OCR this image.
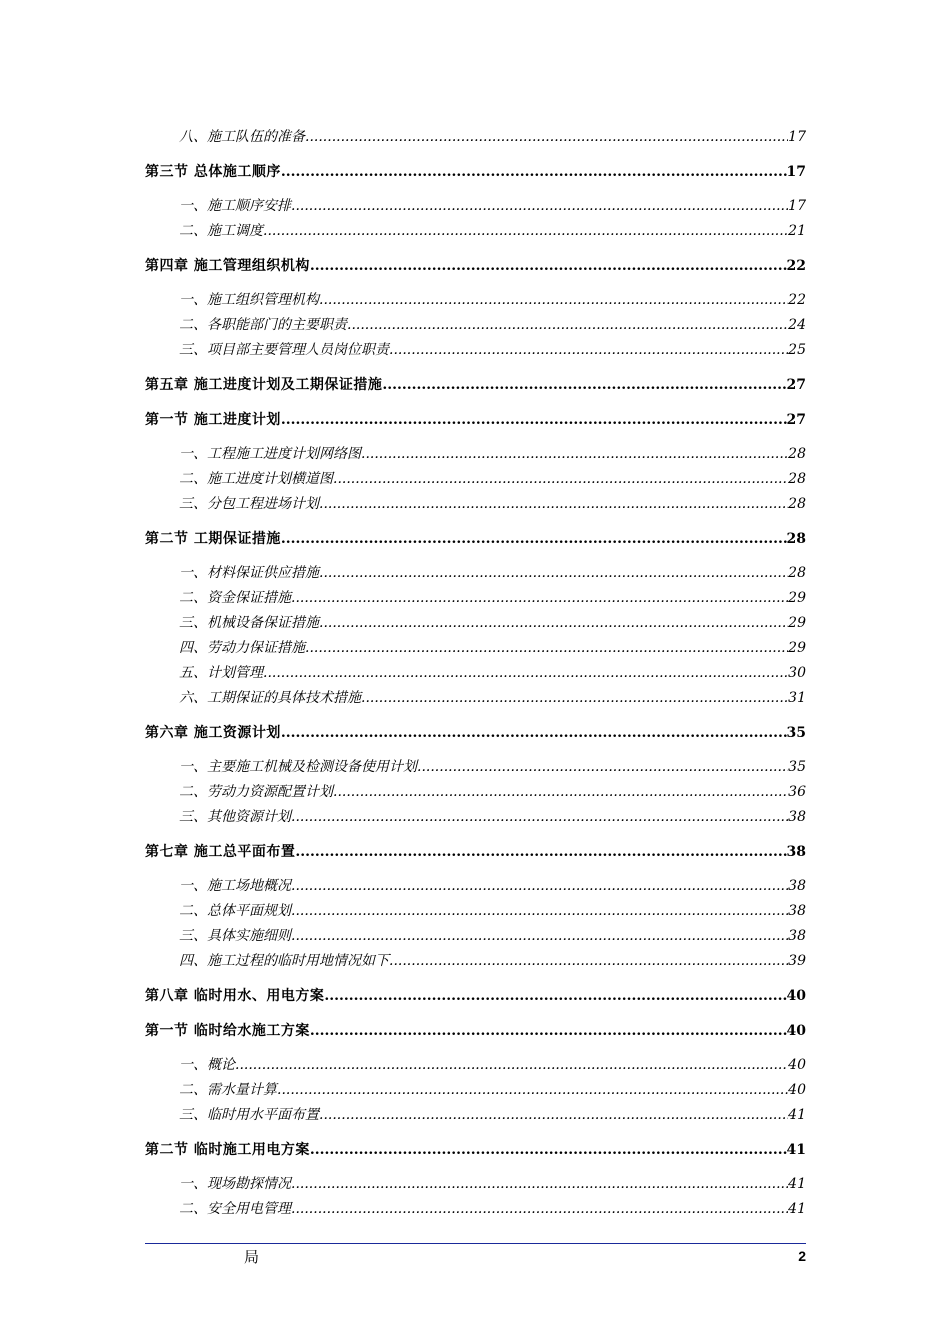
八、施工队伍的准备 .....	17
第三节 总体施工顺序 .....	17
一、施工顺序安排 .....	17
二、施工调度 .....	21
第四章 施工管理组织机构 .....	22
一、施工组织管理机构 .....	22
二、各职能部门的主要职责 .....	24
三、项目部主要管理人员岗位职责 .....	25
第五章 施工进度计划及工期保证措施 .....	27
第一节 施工进度计划 .....	27
一、工程施工进度计划网络图 .....	28
二、施工进度计划横道图 .....	28
三、分包工程进场计划 .....	28
第二节 工期保证措施 .....	28
一、材料保证供应措施 .....	28
二、资金保证措施 .....	29
三、机械设备保证措施 .....	29
四、劳动力保证措施 .....	29
五、计划管理 .....	30
六、工期保证的具体技术措施 .....	31
第六章 施工资源计划 .....	35
一、主要施工机械及检测设备使用计划 .....	35
二、劳动力资源配置计划 .....	36
三、其他资源计划 .....	38
第七章 施工总平面布置 .....	38
一、施工场地概况 .....	38
二、总体平面规划 .....	38
三、具体实施细则 .....	38
四、施工过程的临时用地情况如下 .....	39
第八章 临时用水、用电方案 .....	40
第一节 临时给水施工方案 .....	40
一、概论 .....	40
二、需水量计算 .....	40
三、临时用水平面布置 .....	41
第二节 临时施工用电方案 .....	41
一、现场勘探情况 .....	41
二、安全用电管理 .....	41
局	2
